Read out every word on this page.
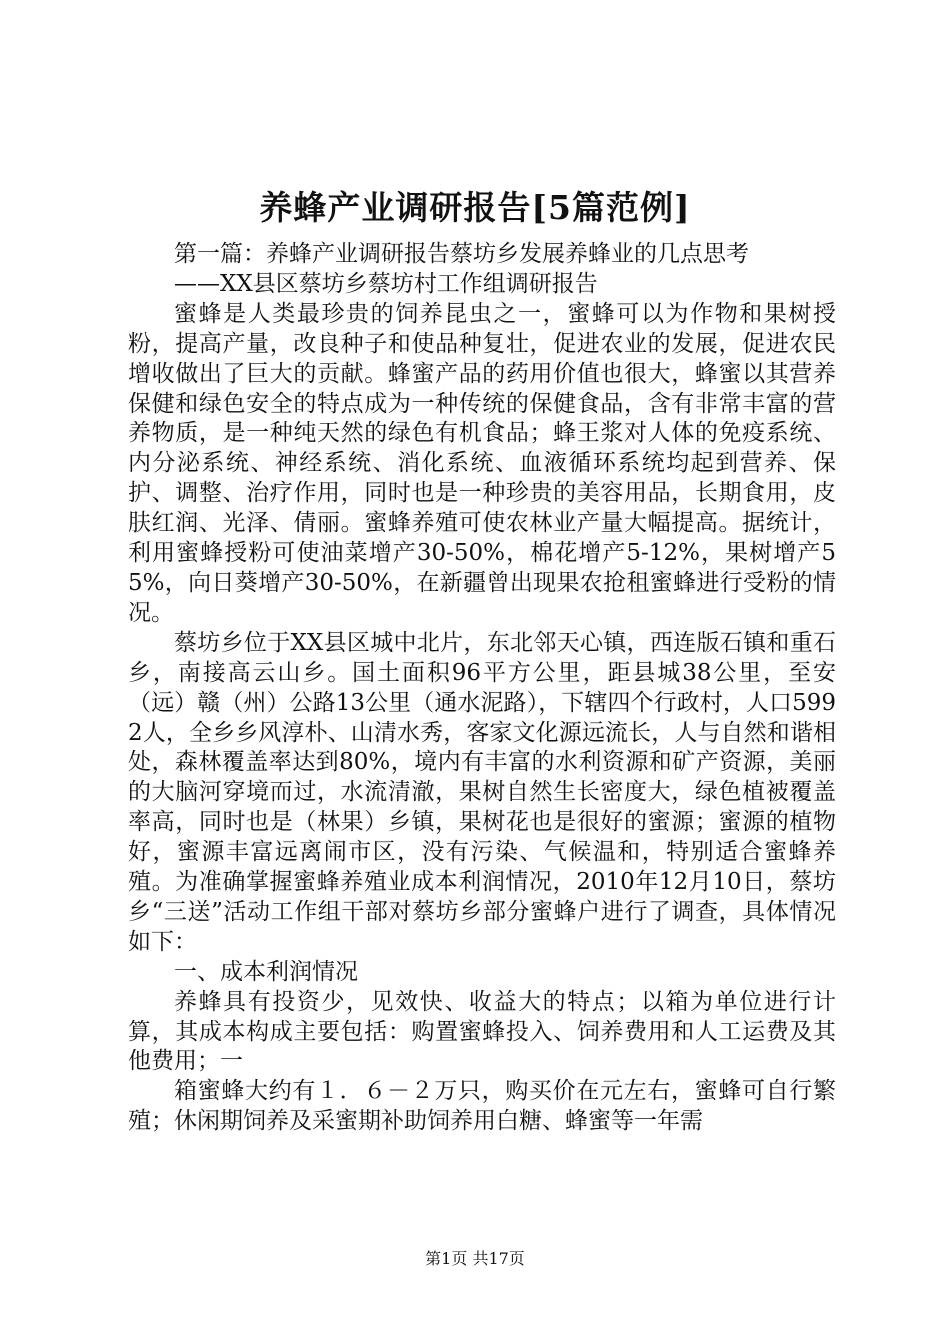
养蜂产业调研报告[5篇范例]

第一篇：养蜂产业调研报告蔡坊乡发展养蜂业的几点思考

——XX县区蔡坊乡蔡坊村工作组调研报告

蜜蜂是人类最珍贵的饲养昆虫之一，蜜蜂可以为作物和果树授粉，提高产量，改良种子和使品种复壮，促进农业的发展，促进农民增收做出了巨大的贡献。蜂蜜产品的药用价值也很大，蜂蜜以其营养保健和绿色安全的特点成为一种传统的保健食品，含有非常丰富的营养物质，是一种纯天然的绿色有机食品；蜂王浆对人体的免疫系统、内分泌系统、神经系统、消化系统、血液循环系统均起到营养、保护、调整、治疗作用，同时也是一种珍贵的美容用品，长期食用，皮肤红润、光泽、倩丽。蜜蜂养殖可使农林业产量大幅提高。据统计，利用蜜蜂授粉可使油菜增产30-50%，棉花增产5-12%，果树增产55%，向日葵增产30-50%，在新疆曾出现果农抢租蜜蜂进行受粉的情况。

蔡坊乡位于XX县区城中北片，东北邻天心镇，西连版石镇和重石乡，南接高云山乡。国土面积96平方公里，距县城38公里，至安（远）赣（州）公路13公里（通水泥路），下辖四个行政村，人口5992人，全乡乡风淳朴、山清水秀，客家文化源远流长，人与自然和谐相处，森林覆盖率达到80%，境内有丰富的水利资源和矿产资源，美丽的大脑河穿境而过，水流清澈，果树自然生长密度大，绿色植被覆盖率高，同时也是（林果）乡镇，果树花也是很好的蜜源；蜜源的植物好，蜜源丰富远离闹市区，没有污染、气候温和，特别适合蜜蜂养殖。为准确掌握蜜蜂养殖业成本利润情况，2010年12月10日，蔡坊乡“三送”活动工作组干部对蔡坊乡部分蜜蜂户进行了调查，具体情况如下：

一、成本利润情况

养蜂具有投资少，见效快、收益大的特点；以箱为单位进行计算，其成本构成主要包括：购置蜜蜂投入、饲养费用和人工运费及其他费用；一

箱蜜蜂大约有１．６－２万只，购买价在元左右，蜜蜂可自行繁殖；休闲期饲养及采蜜期补助饲养用白糖、蜂蜜等一年需

第1页 共17页
